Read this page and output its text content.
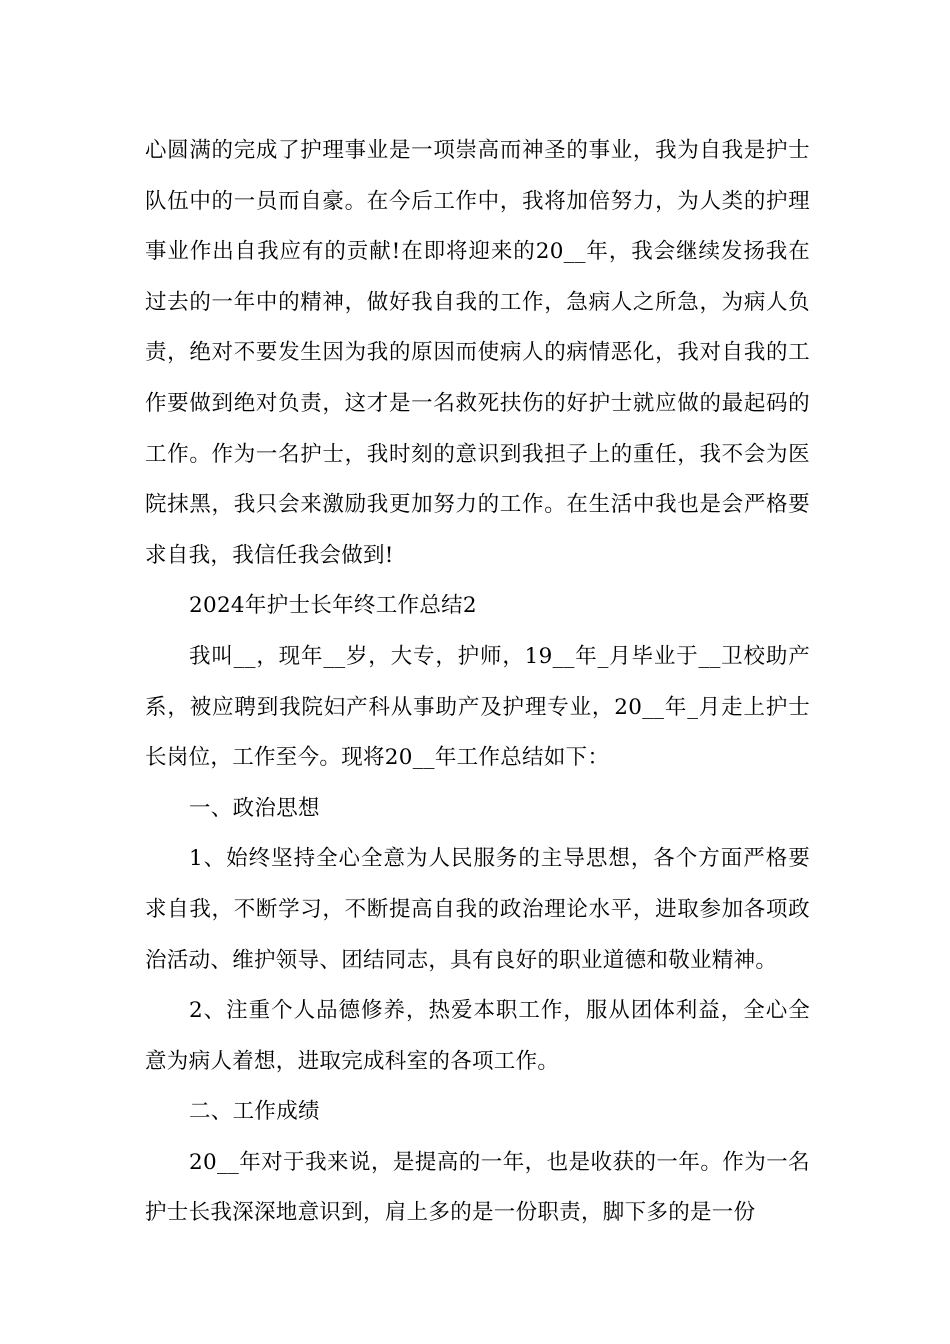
心圆满的完成了护理事业是一项崇高而神圣的事业，我为自我是护士队伍中的一员而自豪。在今后工作中，我将加倍努力，为人类的护理事业作出自我应有的贡献!在即将迎来的20__年，我会继续发扬我在过去的一年中的精神，做好我自我的工作，急病人之所急，为病人负责，绝对不要发生因为我的原因而使病人的病情恶化，我对自我的工作要做到绝对负责，这才是一名救死扶伤的好护士就应做的最起码的工作。作为一名护士，我时刻的意识到我担子上的重任，我不会为医院抹黑，我只会来激励我更加努力的工作。在生活中我也是会严格要求自我，我信任我会做到!

2024年护士长年终工作总结2

我叫__，现年__岁，大专，护师，19__年_月毕业于__卫校助产系，被应聘到我院妇产科从事助产及护理专业，20__年_月走上护士长岗位，工作至今。现将20__年工作总结如下：

一、政治思想

1、始终坚持全心全意为人民服务的主导思想，各个方面严格要求自我，不断学习，不断提高自我的政治理论水平，进取参加各项政治活动、维护领导、团结同志，具有良好的职业道德和敬业精神。

2、注重个人品德修养，热爱本职工作，服从团体利益，全心全意为病人着想，进取完成科室的各项工作。

二、工作成绩

20__年对于我来说，是提高的一年，也是收获的一年。作为一名护士长我深深地意识到，肩上多的是一份职责，脚下多的是一份
